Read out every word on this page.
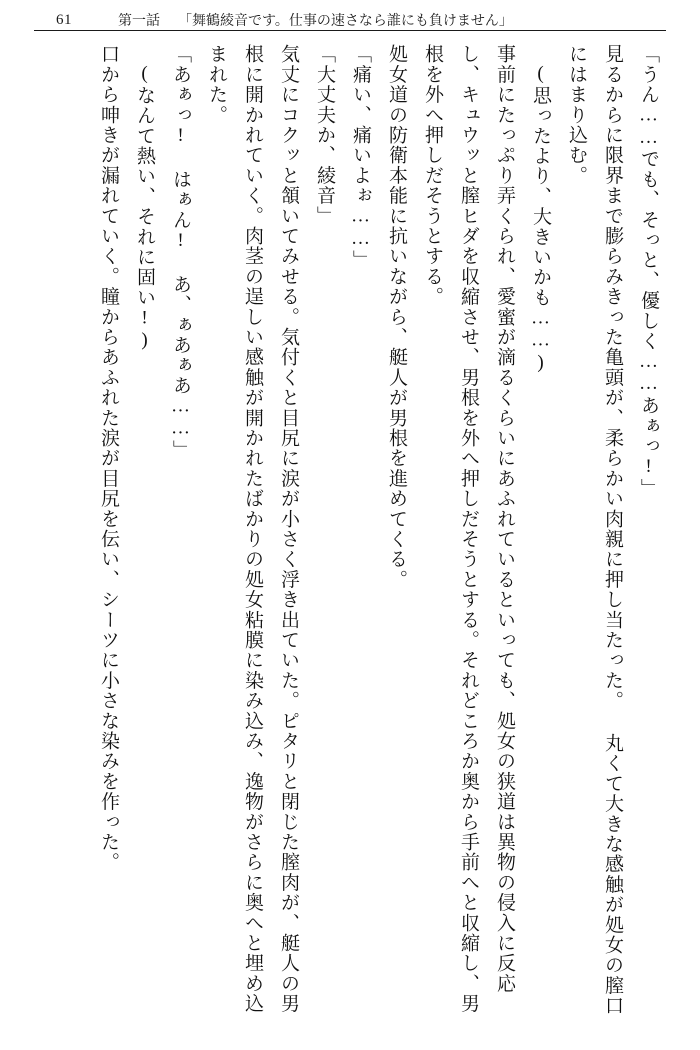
61	第一話 「舞鶴綾音です。仕事の速さなら誰にも負けません」

「うん……でも、そっと、優しく……あぁっ!」

見るからに限界まで膨らみきった亀頭が、柔らかい肉親に押し当たった。 丸くて大きな感触が処女の膣口にはまり込む。

(思ったより、大きいかも……)

事前にたっぷり弄くられ、愛蜜が滴るくらいにあふれているといっても、処女の狭道は異物の侵入に反応し、キュウッと膣ヒダを収縮させ、男根を外へ押しだそうとする。それどころか奥から手前へと収縮し、男根を外へ押しだそうとする。

処女道の防衛本能に抗いながら、艇人が男根を進めてくる。

「痛い、痛いよぉ……」

「大丈夫か、綾音」

気丈にコクッと頷いてみせる。気付くと目尻に涙が小さく浮き出ていた。ピタリと閉じた膣肉が、艇人の男根に開かれていく。肉茎の逞しい感触が開かれたばかりの処女粘膜に染み込み、逸物がさらに奥へと埋め込まれた。

「あぁっ! はぁん! あ、ぁあぁあ……」

(なんて熱い、それに固い!)

口から呻きが漏れていく。瞳からあふれた涙が目尻を伝い、シーツに小さな染みを作った。
